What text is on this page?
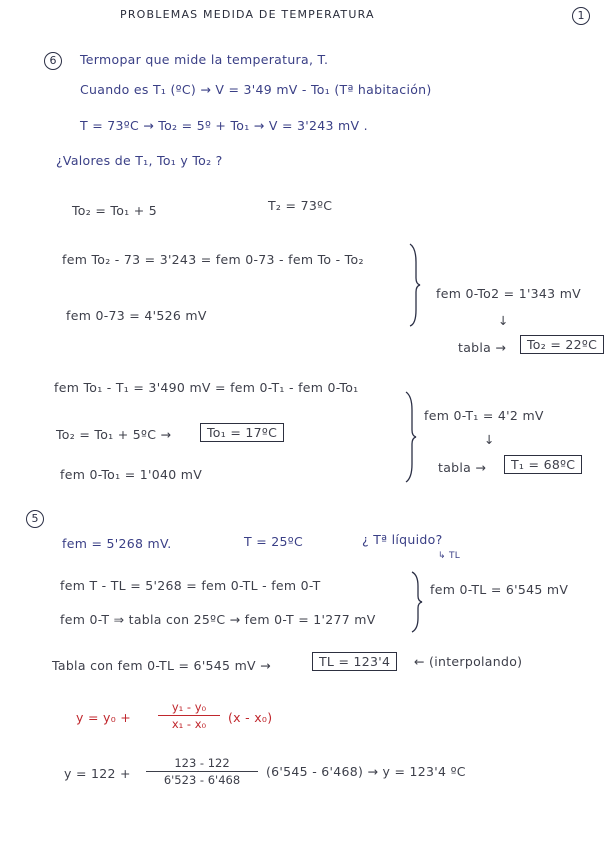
PROBLEMAS MEDIDA DE TEMPERATURA	1
6	Termopar que mide la temperatura, T.
Cuando es T₁ (ºC) → V = 3'49 mV - To₁ (Tª habitación)
T = 73ºC → To₂ = 5º + To₁ → V = 3'243 mV .
¿Valores de T₁, To₁ y To₂ ?
To₂ = To₁ + 5	T₂ = 73ºC
fem To₂ - 73 = 3'243 = fem 0-73 - fem To - To₂
fem 0-73 = 4'526 mV
fem 0-To2 = 1'343 mV
↓
tabla →	To₂ = 22ºC
fem To₁ - T₁ = 3'490 mV = fem 0-T₁ - fem 0-To₁
To₂ = To₁ + 5ºC →	To₁ = 17ºC
fem 0-To₁ = 1'040 mV
fem 0-T₁ = 4'2 mV
↓
tabla →	T₁ = 68ºC
5
fem = 5'268 mV.	T = 25ºC	¿ Tª líquido?
↳ TL
fem T - TL = 5'268 = fem 0-TL - fem 0-T
fem 0-T ⇒ tabla con 25ºC → fem 0-T = 1'277 mV
fem 0-TL = 6'545 mV
Tabla con fem 0-TL = 6'545 mV →	TL = 123'4	← (interpolando)
y = y₀ +
y₁ - y₀
x₁ - x₀	(x - x₀)
y = 122 +
123 - 122
6'523 - 6'468
(6'545 - 6'468) → y = 123'4 ºC
